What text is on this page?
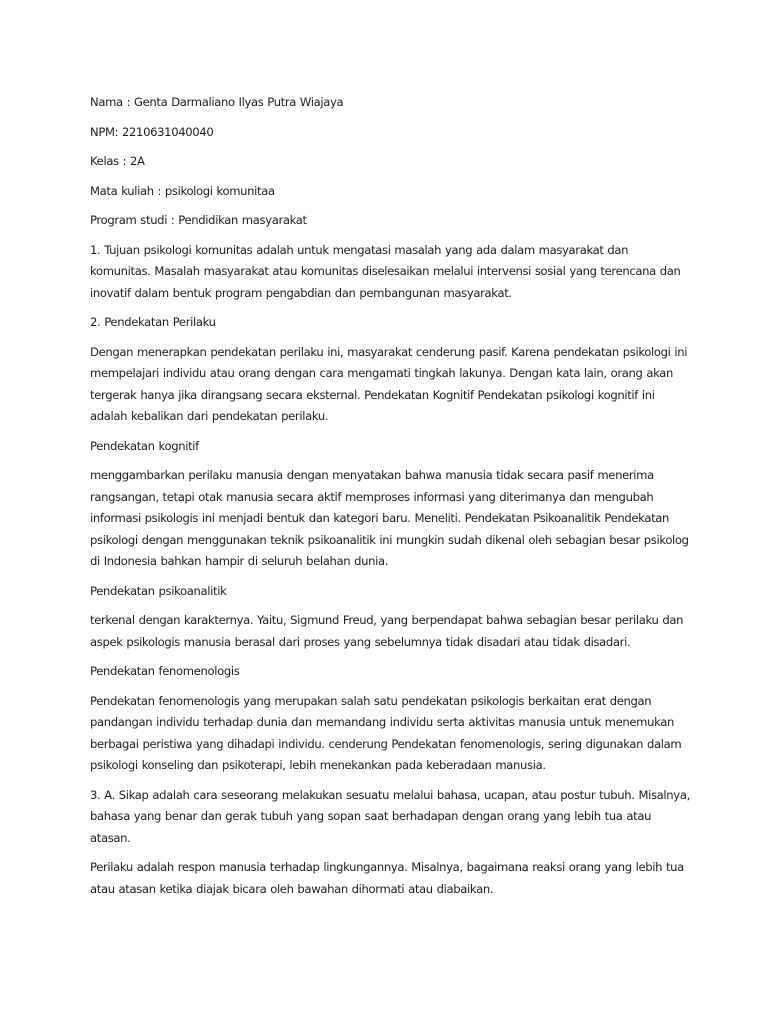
Nama : Genta Darmaliano Ilyas Putra Wiajaya

NPM: 2210631040040

Kelas : 2A

Mata kuliah : psikologi komunitaa

Program studi : Pendidikan masyarakat

1. Tujuan psikologi komunitas adalah untuk mengatasi masalah yang ada dalam masyarakat dan komunitas. Masalah masyarakat atau komunitas diselesaikan melalui intervensi sosial yang terencana dan inovatif dalam bentuk program pengabdian dan pembangunan masyarakat.

2. Pendekatan Perilaku

Dengan menerapkan pendekatan perilaku ini, masyarakat cenderung pasif. Karena pendekatan psikologi ini mempelajari individu atau orang dengan cara mengamati tingkah lakunya. Dengan kata lain, orang akan tergerak hanya jika dirangsang secara eksternal. Pendekatan Kognitif Pendekatan psikologi kognitif ini adalah kebalikan dari pendekatan perilaku.

Pendekatan kognitif

menggambarkan perilaku manusia dengan menyatakan bahwa manusia tidak secara pasif menerima rangsangan, tetapi otak manusia secara aktif memproses informasi yang diterimanya dan mengubah informasi psikologis ini menjadi bentuk dan kategori baru. Meneliti. Pendekatan Psikoanalitik Pendekatan psikologi dengan menggunakan teknik psikoanalitik ini mungkin sudah dikenal oleh sebagian besar psikolog di Indonesia bahkan hampir di seluruh belahan dunia.

Pendekatan psikoanalitik

terkenal dengan karakternya. Yaitu, Sigmund Freud, yang berpendapat bahwa sebagian besar perilaku dan aspek psikologis manusia berasal dari proses yang sebelumnya tidak disadari atau tidak disadari.

Pendekatan fenomenologis

Pendekatan fenomenologis yang merupakan salah satu pendekatan psikologis berkaitan erat dengan pandangan individu terhadap dunia dan memandang individu serta aktivitas manusia untuk menemukan berbagai peristiwa yang dihadapi individu. cenderung Pendekatan fenomenologis, sering digunakan dalam psikologi konseling dan psikoterapi, lebih menekankan pada keberadaan manusia.

3. A. Sikap adalah cara seseorang melakukan sesuatu melalui bahasa, ucapan, atau postur tubuh. Misalnya, bahasa yang benar dan gerak tubuh yang sopan saat berhadapan dengan orang yang lebih tua atau atasan.

Perilaku adalah respon manusia terhadap lingkungannya. Misalnya, bagaimana reaksi orang yang lebih tua atau atasan ketika diajak bicara oleh bawahan dihormati atau diabaikan.
